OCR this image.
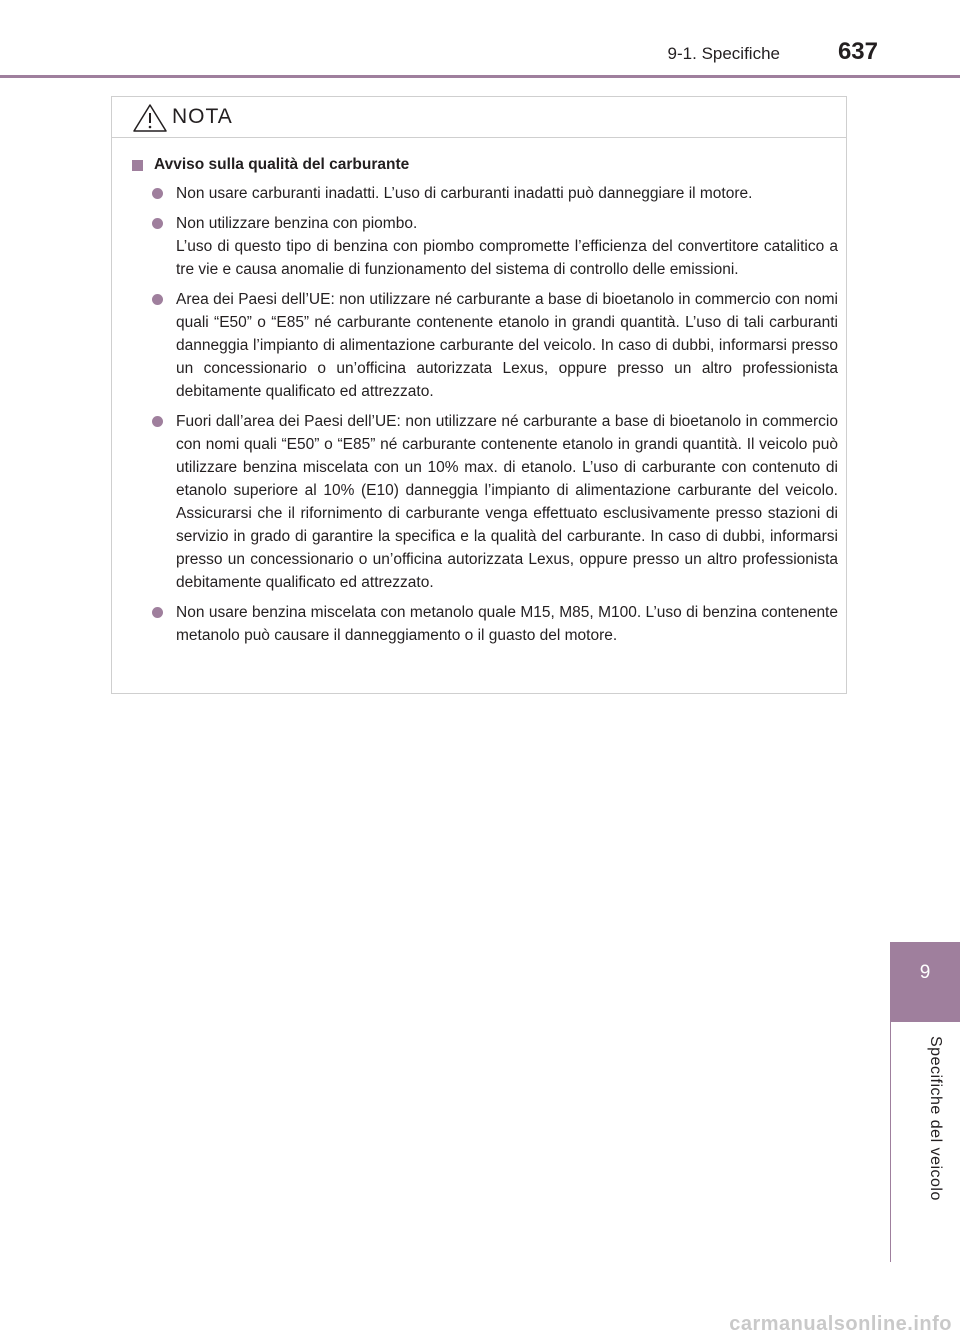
9-1. Specifiche 637
NOTA
Avviso sulla qualità del carburante
Non usare carburanti inadatti. L’uso di carburanti inadatti può danneggiare il motore.
Non utilizzare benzina con piombo.
L’uso di questo tipo di benzina con piombo compromette l’efficienza del convertitore catalitico a tre vie e causa anomalie di funzionamento del sistema di controllo delle emissioni.
Area dei Paesi dell’UE: non utilizzare né carburante a base di bioetanolo in commercio con nomi quali “E50” o “E85” né carburante contenente etanolo in grandi quantità. L’uso di tali carburanti danneggia l’impianto di alimentazione carburante del veicolo. In caso di dubbi, informarsi presso un concessionario o un’officina autorizzata Lexus, oppure presso un altro professionista debitamente qualificato ed attrezzato.
Fuori dall’area dei Paesi dell’UE: non utilizzare né carburante a base di bioetanolo in commercio con nomi quali “E50” o “E85” né carburante contenente etanolo in grandi quantità. Il veicolo può utilizzare benzina miscelata con un 10% max. di etanolo. L’uso di carburante con contenuto di etanolo superiore al 10% (E10) danneggia l’impianto di alimentazione carburante del veicolo. Assicurarsi che il rifornimento di carburante venga effettuato esclusivamente presso stazioni di servizio in grado di garantire la specifica e la qualità del carburante. In caso di dubbi, informarsi presso un concessionario o un’officina autorizzata Lexus, oppure presso un altro professionista debitamente qualificato ed attrezzato.
Non usare benzina miscelata con metanolo quale M15, M85, M100. L’uso di benzina contenente metanolo può causare il danneggiamento o il guasto del motore.
9
Specifiche del veicolo
carmanualsonline.info
